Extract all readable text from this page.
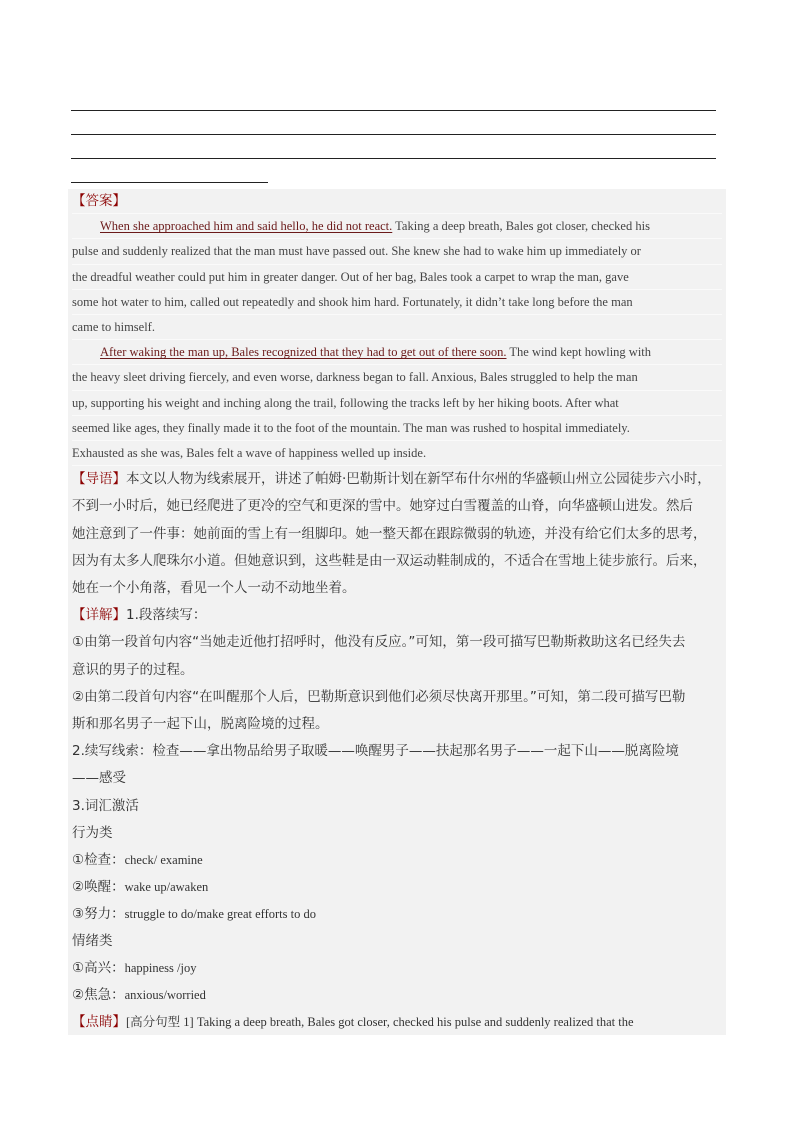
【答案】
When she approached him and said hello, he did not react. Taking a deep breath, Bales got closer, checked his
pulse and suddenly realized that the man must have passed out. She knew she had to wake him up immediately or
the dreadful weather could put him in greater danger. Out of her bag, Bales took a carpet to wrap the man, gave
some hot water to him, called out repeatedly and shook him hard. Fortunately, it didn’t take long before the man
came to himself.
After waking the man up, Bales recognized that they had to get out of there soon. The wind kept howling with
the heavy sleet driving fiercely, and even worse, darkness began to fall. Anxious, Bales struggled to help the man
up, supporting his weight and inching along the trail, following the tracks left by her hiking boots. After what
seemed like ages, they finally made it to the foot of the mountain. The man was rushed to hospital immediately.
Exhausted as she was, Bales felt a wave of happiness welled up inside.
【导语】本文以人物为线索展开，讲述了帕姆·巴勒斯计划在新罕布什尔州的华盛顿山州立公园徒步六小时，
不到一小时后，她已经爬进了更冷的空气和更深的雪中。她穿过白雪覆盖的山脊，向华盛顿山进发。然后
她注意到了一件事：她前面的雪上有一组脚印。她一整天都在跟踪微弱的轨迹，并没有给它们太多的思考，
因为有太多人爬珠尔小道。但她意识到，这些鞋是由一双运动鞋制成的，不适合在雪地上徒步旅行。后来，
她在一个小角落，看见一个人一动不动地坐着。
【详解】1.段落续写：
①由第一段首句内容“当她走近他打招呼时，他没有反应。”可知，第一段可描写巴勒斯救助这名已经失去
意识的男子的过程。
②由第二段首句内容“在叫醒那个人后，巴勒斯意识到他们必须尽快离开那里。”可知，第二段可描写巴勒
斯和那名男子一起下山，脱离险境的过程。
2.续写线索：检查——拿出物品给男子取暖——唤醒男子——扶起那名男子——一起下山——脱离险境
——感受
3.词汇激活
行为类
①检查：check/ examine
②唤醒：wake up/awaken
③努力：struggle to do/make great efforts to do
情绪类
①高兴：happiness /joy
②焦急：anxious/worried
【点睛】[高分句型 1] Taking a deep breath, Bales got closer, checked his pulse and suddenly realized that the
